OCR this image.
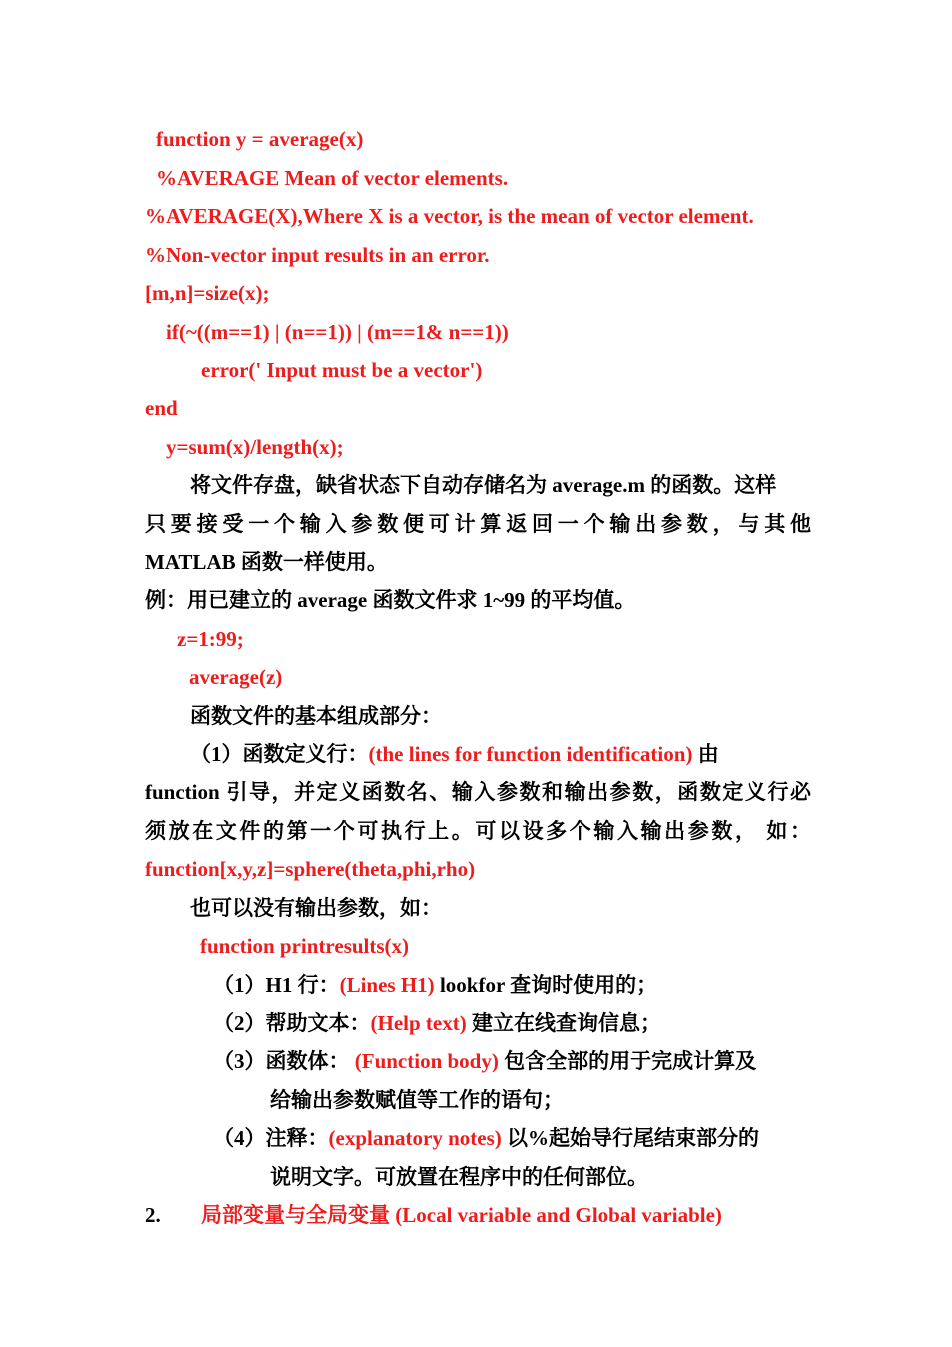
function y = average(x)
%AVERAGE Mean of vector elements.
%AVERAGE(X),Where X is a vector, is the mean of vector element.
%Non-vector input results in an error.
[m,n]=size(x);
if(~((m==1) | (n==1)) | (m==1& n==1))
error(' Input must be a vector')
end
y=sum(x)/length(x);
将文件存盘，缺省状态下自动存储名为 average.m 的函数。这样
只要接受一个输入参数便可计算返回一个输出参数，与其他
MATLAB 函数一样使用。
例：用已建立的 average 函数文件求 1~99 的平均值。
z=1:99;
average(z)
函数文件的基本组成部分：
（1）函数定义行：(the lines for function identification) 由
function 引导，并定义函数名、输入参数和输出参数，函数定义行必
须放在文件的第一个可执行上。可以设多个输入输出参数， 如：
function[x,y,z]=sphere(theta,phi,rho)
也可以没有输出参数，如：
function printresults(x)
（1）H1 行：(Lines H1) lookfor 查询时使用的；
（2）帮助文本：(Help text) 建立在线查询信息；
（3）函数体： (Function body) 包含全部的用于完成计算及
给输出参数赋值等工作的语句；
（4）注释：(explanatory notes) 以%起始导行尾结束部分的
说明文字。可放置在程序中的任何部位。
2. 局部变量与全局变量 (Local variable and Global variable)
